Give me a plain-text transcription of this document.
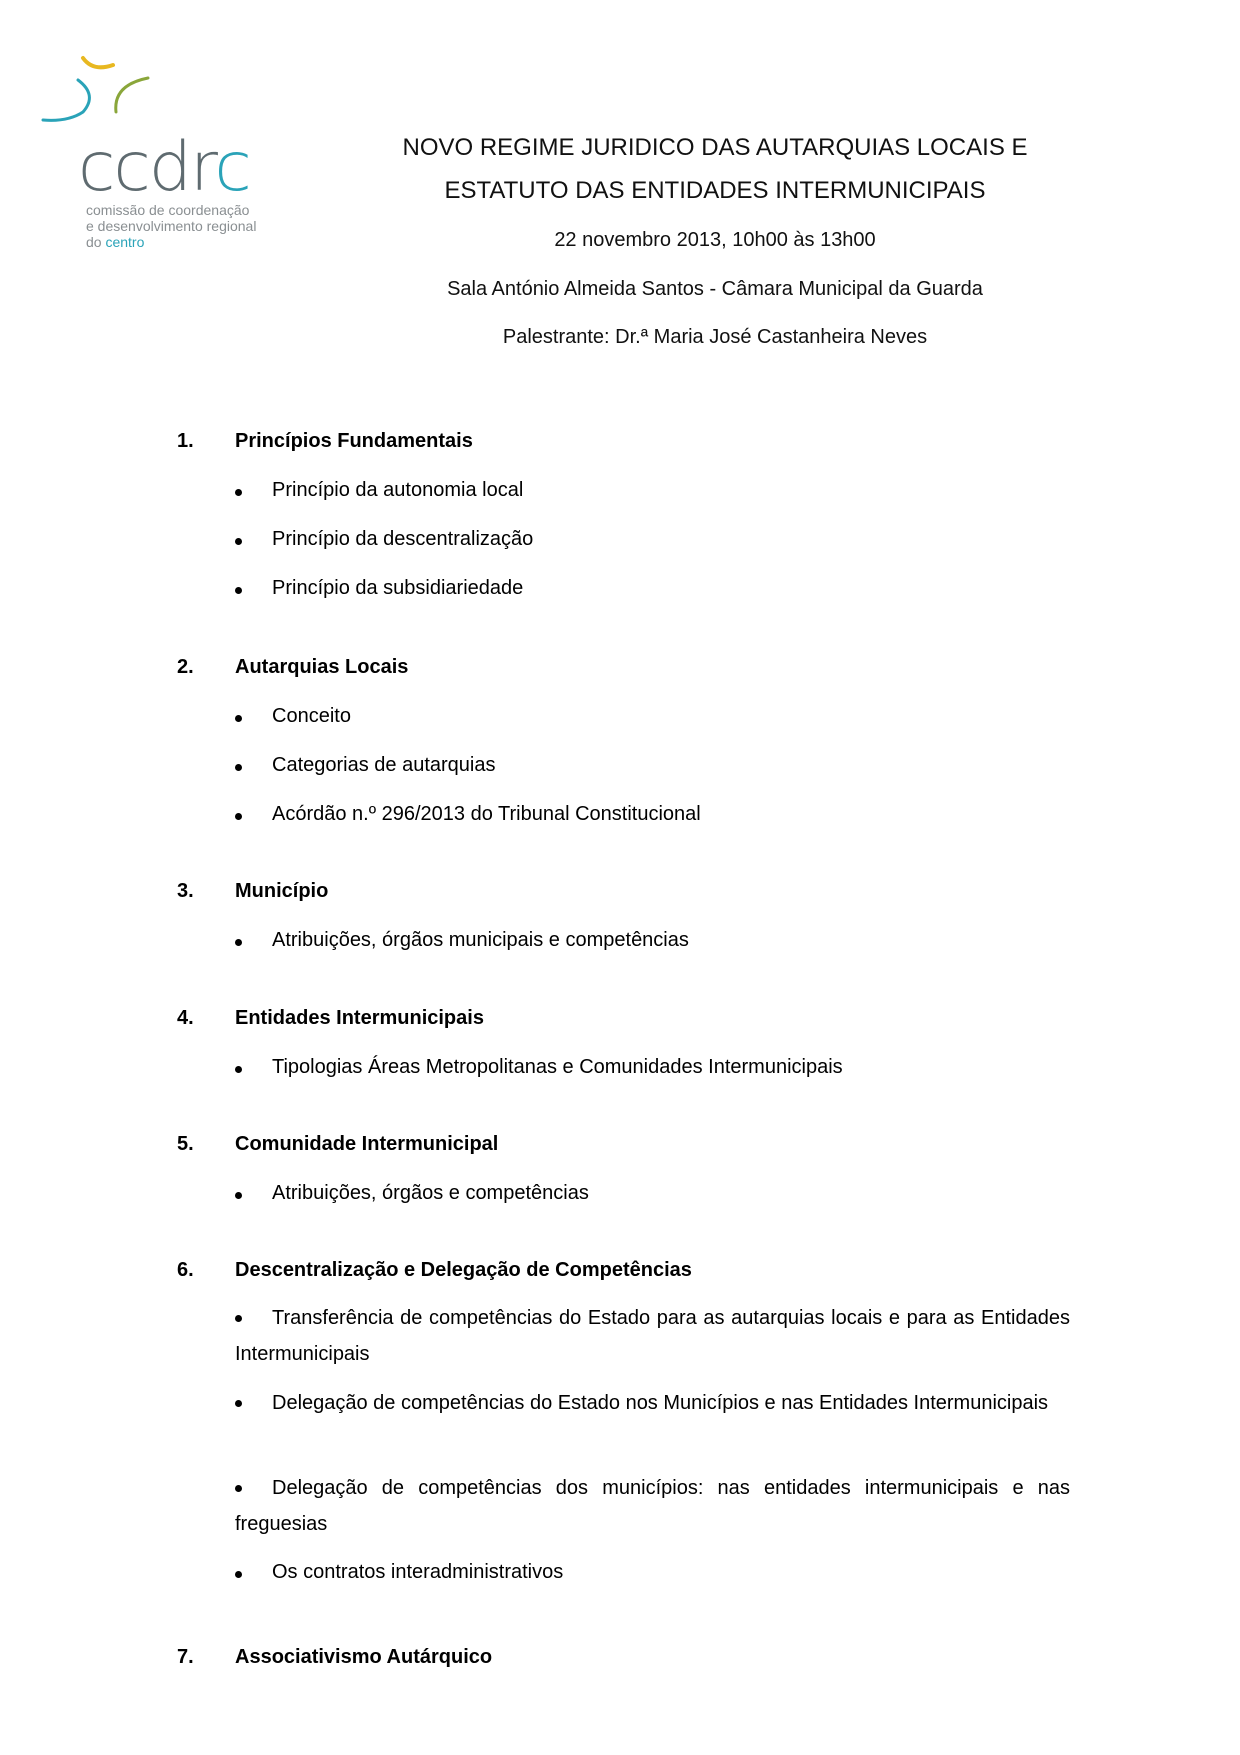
ccdrc
comissão de coordenação
e desenvolvimento regional
do centro
NOVO REGIME JURIDICO DAS AUTARQUIAS LOCAIS E
ESTATUTO DAS ENTIDADES INTERMUNICIPAIS
22 novembro 2013, 10h00 às 13h00
Sala António Almeida Santos - Câmara Municipal da Guarda
Palestrante: Dr.ª Maria José Castanheira Neves
1. Princípios Fundamentais
Princípio da autonomia local
Princípio da descentralização
Princípio da subsidiariedade
2. Autarquias Locais
Conceito
Categorias de autarquias
Acórdão n.º 296/2013 do Tribunal Constitucional
3. Município
Atribuições, órgãos municipais e competências
4. Entidades Intermunicipais
Tipologias Áreas Metropolitanas e Comunidades Intermunicipais
5. Comunidade Intermunicipal
Atribuições, órgãos e competências
6. Descentralização e Delegação de Competências
Transferência de competências do Estado para as autarquias locais e para as Entidades Intermunicipais
Delegação de competências do Estado nos Municípios e nas Entidades Intermunicipais
Delegação de competências dos municípios: nas entidades intermunicipais e nas freguesias
Os contratos interadministrativos
7. Associativismo Autárquico
